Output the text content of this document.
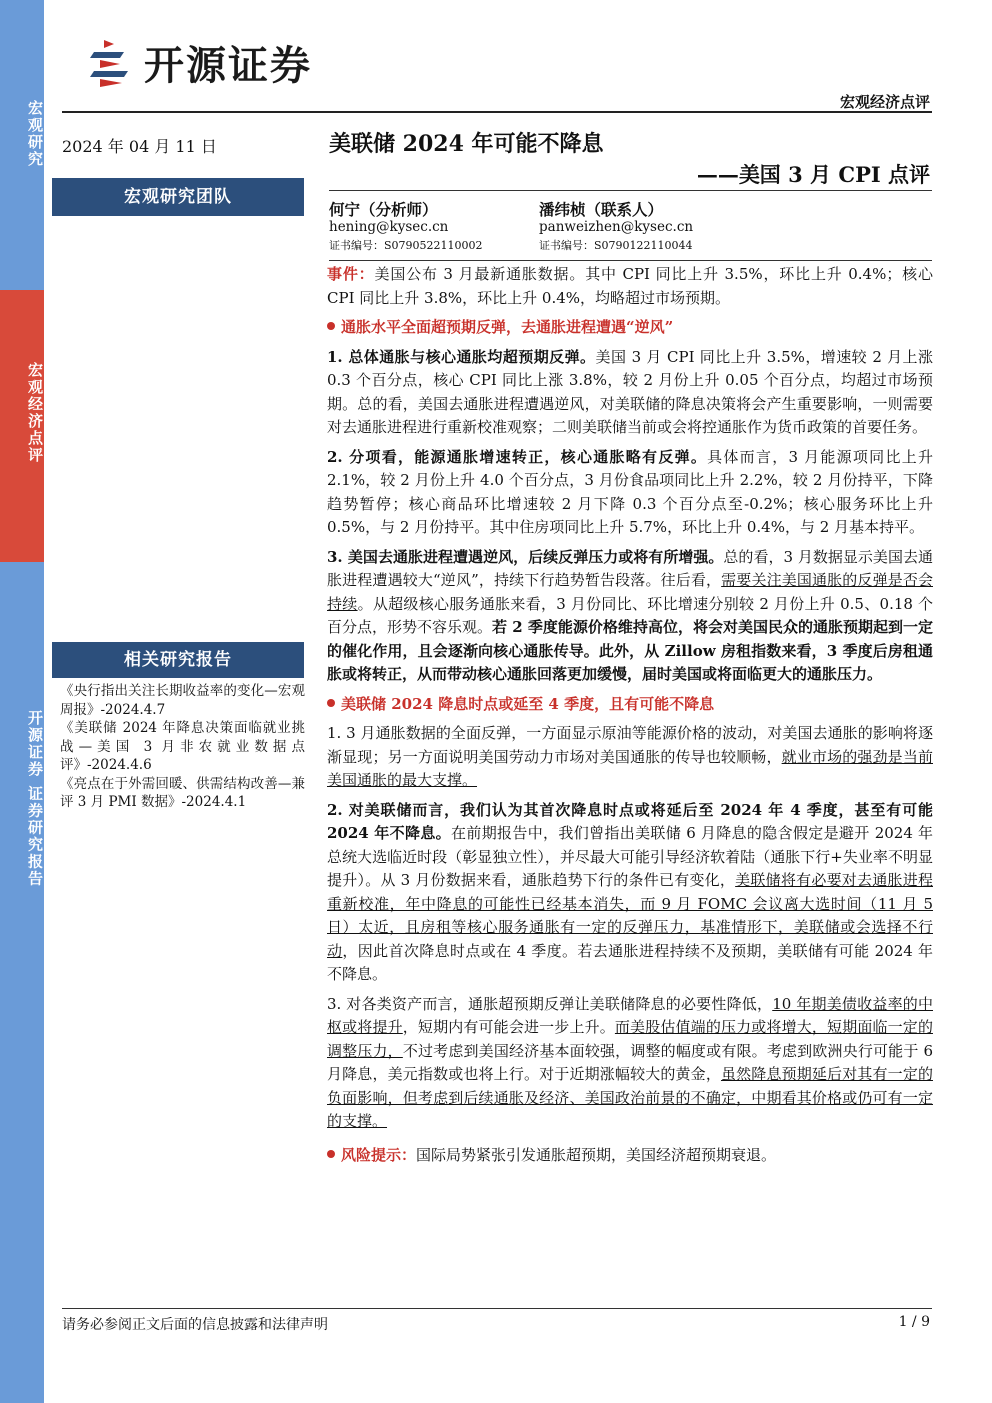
宏观研究
宏观经济点评
开源证券 证券研究报告
开源证券
宏观经济点评
2024 年 04 月 11 日	美联储 2024 年可能不降息
——美国 3 月 CPI 点评
宏观研究团队
相关研究报告

《央行指出关注长期收益率的变化—宏观周报》-2024.4.7

《美联储 2024 年降息决策面临就业挑战—美国 3 月非农就业数据点评》-2024.4.6

《亮点在于外需回暖、供需结构改善—兼评 3 月 PMI 数据》-2024.4.1

何宁（分析师）
hening@kysec.cn
证书编号：S0790522110002
潘纬桢（联系人）
panweizhen@kysec.cn
证书编号：S0790122110044

事件：美国公布 3 月最新通胀数据。其中 CPI 同比上升 3.5%，环比上升 0.4%；核心 CPI 同比上升 3.8%，环比上升 0.4%，均略超过市场预期。

通胀水平全面超预期反弹，去通胀进程遭遇“逆风”

1. 总体通胀与核心通胀均超预期反弹。美国 3 月 CPI 同比上升 3.5%，增速较 2 月上涨 0.3 个百分点，核心 CPI 同比上涨 3.8%，较 2 月份上升 0.05 个百分点，均超过市场预期。总的看，美国去通胀进程遭遇逆风，对美联储的降息决策将会产生重要影响，一则需要对去通胀进程进行重新校准观察；二则美联储当前或会将控通胀作为货币政策的首要任务。

2. 分项看，能源通胀增速转正，核心通胀略有反弹。具体而言，3 月能源项同比上升 2.1%，较 2 月份上升 4.0 个百分点，3 月份食品项同比上升 2.2%，较 2 月份持平，下降趋势暂停；核心商品环比增速较 2 月下降 0.3 个百分点至-0.2%；核心服务环比上升 0.5%，与 2 月份持平。其中住房项同比上升 5.7%，环比上升 0.4%，与 2 月基本持平。

3. 美国去通胀进程遭遇逆风，后续反弹压力或将有所增强。总的看，3 月数据显示美国去通胀进程遭遇较大“逆风”，持续下行趋势暂告段落。往后看，需要关注美国通胀的反弹是否会持续。从超级核心服务通胀来看，3 月份同比、环比增速分别较 2 月份上升 0.5、0.18 个百分点，形势不容乐观。若 2 季度能源价格维持高位，将会对美国民众的通胀预期起到一定的催化作用，且会逐渐向核心通胀传导。此外，从 Zillow 房租指数来看，3 季度后房租通胀或将转正，从而带动核心通胀回落更加缓慢，届时美国或将面临更大的通胀压力。

美联储 2024 降息时点或延至 4 季度，且有可能不降息

1. 3 月通胀数据的全面反弹，一方面显示原油等能源价格的波动，对美国去通胀的影响将逐渐显现；另一方面说明美国劳动力市场对美国通胀的传导也较顺畅，就业市场的强劲是当前美国通胀的最大支撑。

2. 对美联储而言，我们认为其首次降息时点或将延后至 2024 年 4 季度，甚至有可能 2024 年不降息。在前期报告中，我们曾指出美联储 6 月降息的隐含假定是避开 2024 年总统大选临近时段（彰显独立性），并尽最大可能引导经济软着陆（通胀下行+失业率不明显提升）。从 3 月份数据来看，通胀趋势下行的条件已有变化，美联储将有必要对去通胀进程重新校准，年中降息的可能性已经基本消失，而 9 月 FOMC 会议离大选时间（11 月 5 日）太近，且房租等核心服务通胀有一定的反弹压力，基准情形下，美联储或会选择不行动，因此首次降息时点或在 4 季度。若去通胀进程持续不及预期，美联储有可能 2024 年不降息。

3. 对各类资产而言，通胀超预期反弹让美联储降息的必要性降低，10 年期美债收益率的中枢或将提升，短期内有可能会进一步上升。而美股估值端的压力或将增大，短期面临一定的调整压力，不过考虑到美国经济基本面较强，调整的幅度或有限。考虑到欧洲央行可能于 6 月降息，美元指数或也将上行。对于近期涨幅较大的黄金，虽然降息预期延后对其有一定的负面影响，但考虑到后续通胀及经济、美国政治前景的不确定，中期看其价格或仍可有一定的支撑。

风险提示：国际局势紧张引发通胀超预期，美国经济超预期衰退。

请务必参阅正文后面的信息披露和法律声明	1 / 9
